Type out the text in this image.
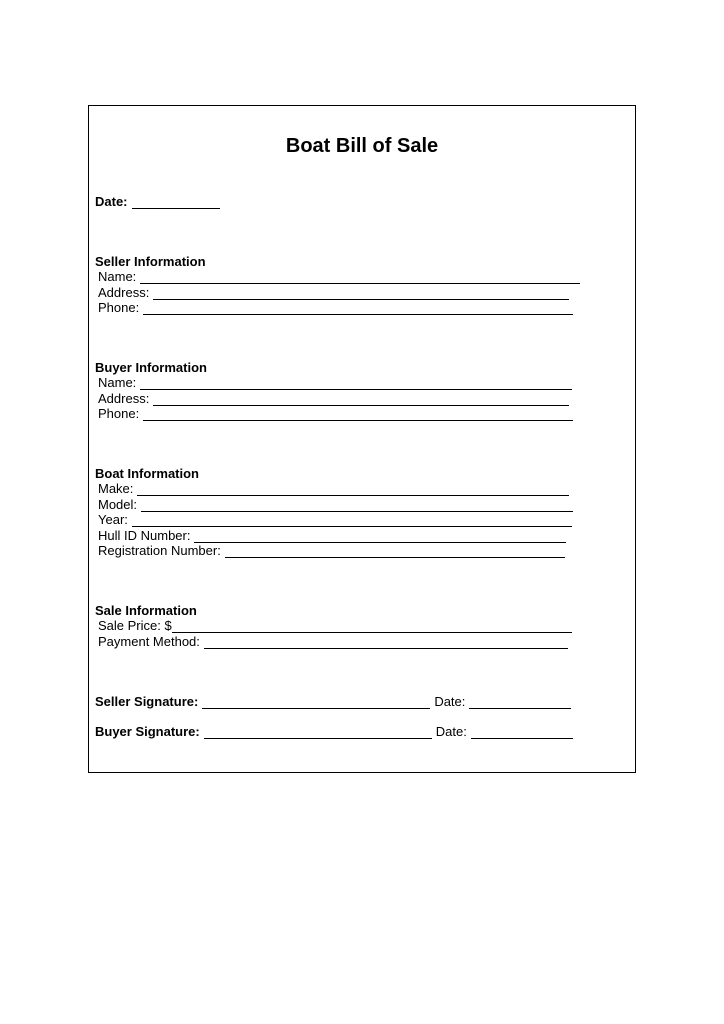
Boat Bill of Sale
Date:
Seller Information
Name:
Address:
Phone:
Buyer Information
Name:
Address:
Phone:
Boat Information
Make:
Model:
Year:
Hull ID Number:
Registration Number:
Sale Information
Sale Price: $
Payment Method:
Seller Signature:	Date:
Buyer Signature:	Date:
